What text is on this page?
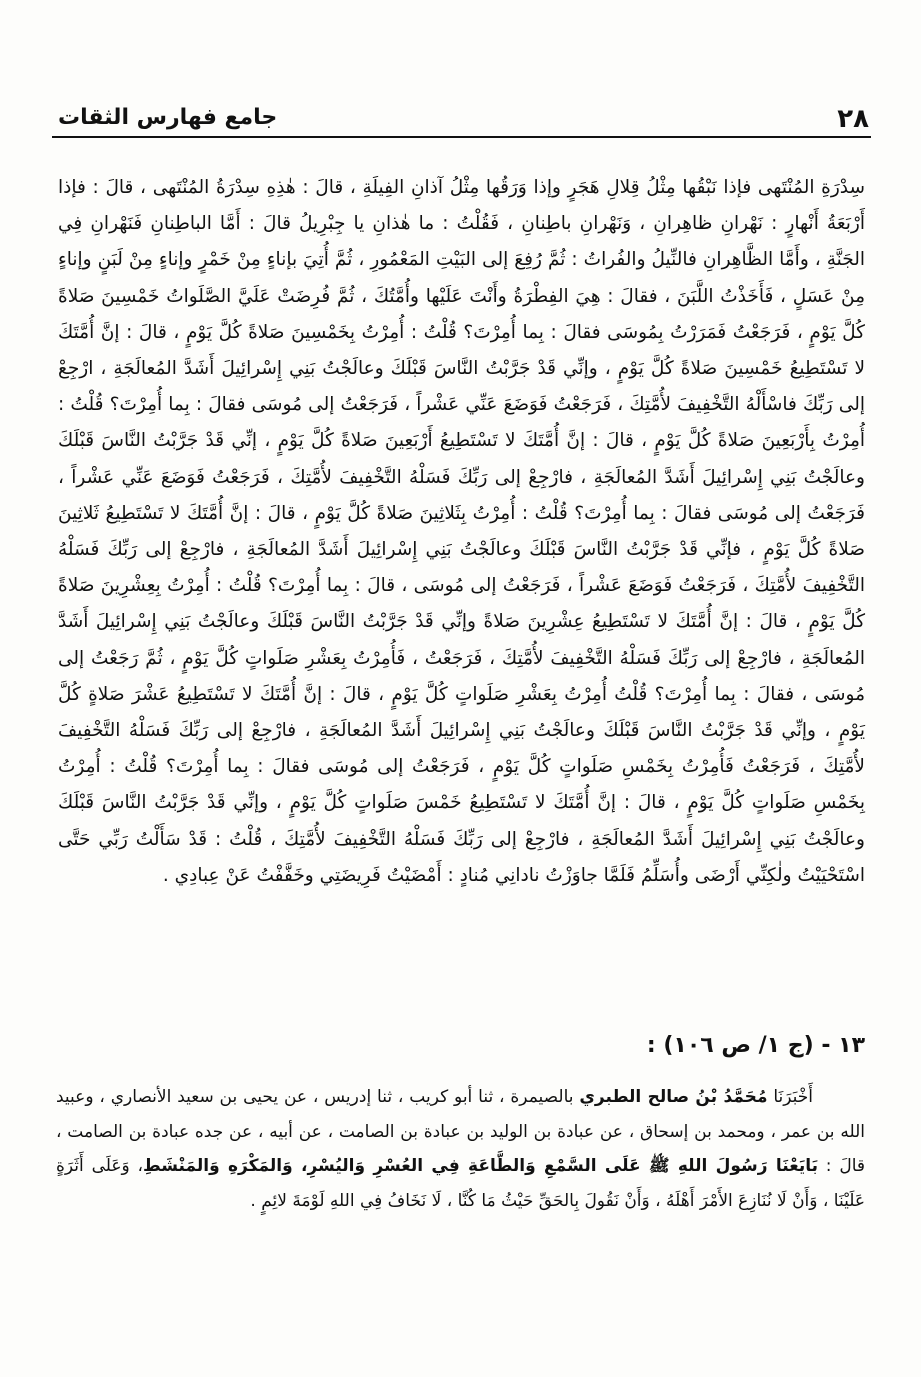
٢٨
جامع فهارس الثقات
سِدْرَةِ المُنْتَهى فإذا نَبْقُها مِثْلُ قِلالِ هَجَرٍ وإذا وَرَقُها مِثْلُ آذانِ الفِيلَةِ ، قالَ : هٰذِهِ سِدْرَةُ المُنْتَهى ، قالَ : فإذا أَرْبَعَةُ أَنْهارٍ : نَهْرانِ ظاهِرانِ ، وَنَهْرانِ باطِنانِ ، فَقُلْتُ : ما هٰذانِ يا جِبْرِيلُ قالَ : أَمَّا الباطِنانِ فَنَهْرانِ فِي الجَنَّةِ ، وأَمَّا الظَّاهِرانِ فالنِّيلُ والفُراتُ : ثُمَّ رُفِعَ إلى البَيْتِ المَعْمُورِ ، ثُمَّ أُتِيَ بإناءٍ مِنْ خَمْرٍ وإناءٍ مِنْ لَبَنٍ وإناءٍ مِنْ عَسَلٍ ، فَأَخَذْتُ اللَّبَنَ ، فقالَ : هِيَ الفِطْرَةُ وأَنْتَ عَلَيْها وأُمَّتُكَ ، ثُمَّ فُرِضَتْ عَلَيَّ الصَّلَواتُ خَمْسِينَ صَلاةً كُلَّ يَوْمٍ ، فَرَجَعْتُ فَمَرَرْتُ بِمُوسَى فقالَ : بِما أُمِرْتَ؟ قُلْتُ : أُمِرْتُ بِخَمْسِينَ صَلاةً كُلَّ يَوْمٍ ، قالَ : إنَّ أُمَّتَكَ لا تَسْتَطِيعُ خَمْسِينَ صَلاةً كُلَّ يَوْمٍ ، وإنِّي قَدْ جَرَّبْتُ النَّاسَ قَبْلَكَ وعالَجْتُ بَنِي إِسْرائِيلَ أَشَدَّ المُعالَجَةِ ، ارْجِعْ إلى رَبِّكَ فاسْأَلْهُ التَّخْفِيفَ لأُمَّتِكَ ، فَرَجَعْتُ فَوَضَعَ عَنِّي عَشْراً ، فَرَجَعْتُ إلى مُوسَى فقالَ : بِما أُمِرْتَ؟ قُلْتُ : أُمِرْتُ بِأَرْبَعِينَ صَلاةً كُلَّ يَوْمٍ ، قالَ : إنَّ أُمَّتَكَ لا تَسْتَطِيعُ أَرْبَعِينَ صَلاةً كُلَّ يَوْمٍ ، إنِّي قَدْ جَرَّبْتُ النَّاسَ قَبْلَكَ وعالَجْتُ بَنِي إِسْرائِيلَ أَشَدَّ المُعالَجَةِ ، فارْجِعْ إلى رَبِّكَ فَسَلْهُ التَّخْفِيفَ لأُمَّتِكَ ، فَرَجَعْتُ فَوَضَعَ عَنِّي عَشْراً ، فَرَجَعْتُ إلى مُوسَى فقالَ : بِما أُمِرْتَ؟ قُلْتُ : أُمِرْتُ بِثَلاثِينَ صَلاةً كُلَّ يَوْمٍ ، قالَ : إنَّ أُمَّتَكَ لا تَسْتَطِيعُ ثَلاثِينَ صَلاةً كُلَّ يَوْمٍ ، فإنِّي قَدْ جَرَّبْتُ النَّاسَ قَبْلَكَ وعالَجْتُ بَنِي إِسْرائِيلَ أَشَدَّ المُعالَجَةِ ، فارْجِعْ إلى رَبِّكَ فَسَلْهُ التَّخْفِيفَ لأُمَّتِكَ ، فَرَجَعْتُ فَوَضَعَ عَشْراً ، فَرَجَعْتُ إلى مُوسَى ، قالَ : بِما أُمِرْتَ؟ قُلْتُ : أُمِرْتُ بِعِشْرِينَ صَلاةً كُلَّ يَوْمٍ ، قالَ : إنَّ أُمَّتَكَ لا تَسْتَطِيعُ عِشْرِينَ صَلاةً وإنِّي قَدْ جَرَّبْتُ النَّاسَ قَبْلَكَ وعالَجْتُ بَنِي إِسْرائِيلَ أَشَدَّ المُعالَجَةِ ، فارْجِعْ إلى رَبِّكَ فَسَلْهُ التَّخْفِيفَ لأُمَّتِكَ ، فَرَجَعْتُ ، فَأُمِرْتُ بِعَشْرِ صَلَواتٍ كُلَّ يَوْمٍ ، ثُمَّ رَجَعْتُ إلى مُوسَى ، فقالَ : بِما أُمِرْتَ؟ قُلْتُ أُمِرْتُ بِعَشْرِ صَلَواتٍ كُلَّ يَوْمٍ ، قالَ : إنَّ أُمَّتَكَ لا تَسْتَطِيعُ عَشْرَ صَلاةٍ كُلَّ يَوْمٍ ، وإنِّي قَدْ جَرَّبْتُ النَّاسَ قَبْلَكَ وعالَجْتُ بَنِي إِسْرائِيلَ أَشَدَّ المُعالَجَةِ ، فارْجِعْ إلى رَبِّكَ فَسَلْهُ التَّخْفِيفَ لأُمَّتِكَ ، فَرَجَعْتُ فَأُمِرْتُ بِخَمْسِ صَلَواتٍ كُلَّ يَوْمٍ ، فَرَجَعْتُ إلى مُوسَى فقالَ : بِما أُمِرْتَ؟ قُلْتُ : أُمِرْتُ بِخَمْسِ صَلَواتٍ كُلَّ يَوْمٍ ، قالَ : إنَّ أُمَّتَكَ لا تَسْتَطِيعُ خَمْسَ صَلَواتٍ كُلَّ يَوْمٍ ، وإنِّي قَدْ جَرَّبْتُ النَّاسَ قَبْلَكَ وعالَجْتُ بَنِي إِسْرائِيلَ أَشَدَّ المُعالَجَةِ ، فارْجِعْ إلى رَبِّكَ فَسَلْهُ التَّخْفِيفَ لأُمَّتِكَ ، قُلْتُ : قَدْ سَأَلْتُ رَبِّي حَتَّى اسْتَحْيَيْتُ ولٰكِنِّي أَرْضَى وأُسَلِّمُ فَلَمَّا جاوَزْتُ نادانِي مُنادٍ : أَمْضَيْتُ فَرِيضَتِي وخَفَّفْتُ عَنْ عِبادِي .
١٣ - (ج ١/ ص ١٠٦) :

أَخْبَرَنَا مُحَمَّدُ بْنُ صالح الطبري بالصيمرة ، ثنا أبو كريب ، ثنا إدريس ، عن يحيى بن سعيد الأنصاري ، وعبيد الله بن عمر ، ومحمد بن إسحاق ، عن عبادة بن الوليد بن عبادة بن الصامت ، عن أبيه ، عن جده عبادة بن الصامت ، قالَ : بَايَعْنَا رَسُولَ اللهِ ﷺ عَلَى السَّمْعِ وَالطَّاعَةِ فِي العُسْرِ وَاليُسْرِ، وَالمَكْرَهِ وَالمَنْشَطِ، وَعَلَى أَثَرَةٍ عَلَيْنَا ، وَأَنْ لَا نُنَازِعَ الأَمْرَ أَهْلَهُ ، وَأَنْ نَقُولَ بِالحَقِّ حَيْثُ مَا كُنَّا ، لَا نَخَافُ فِي اللهِ لَوْمَةَ لائِمٍ .
